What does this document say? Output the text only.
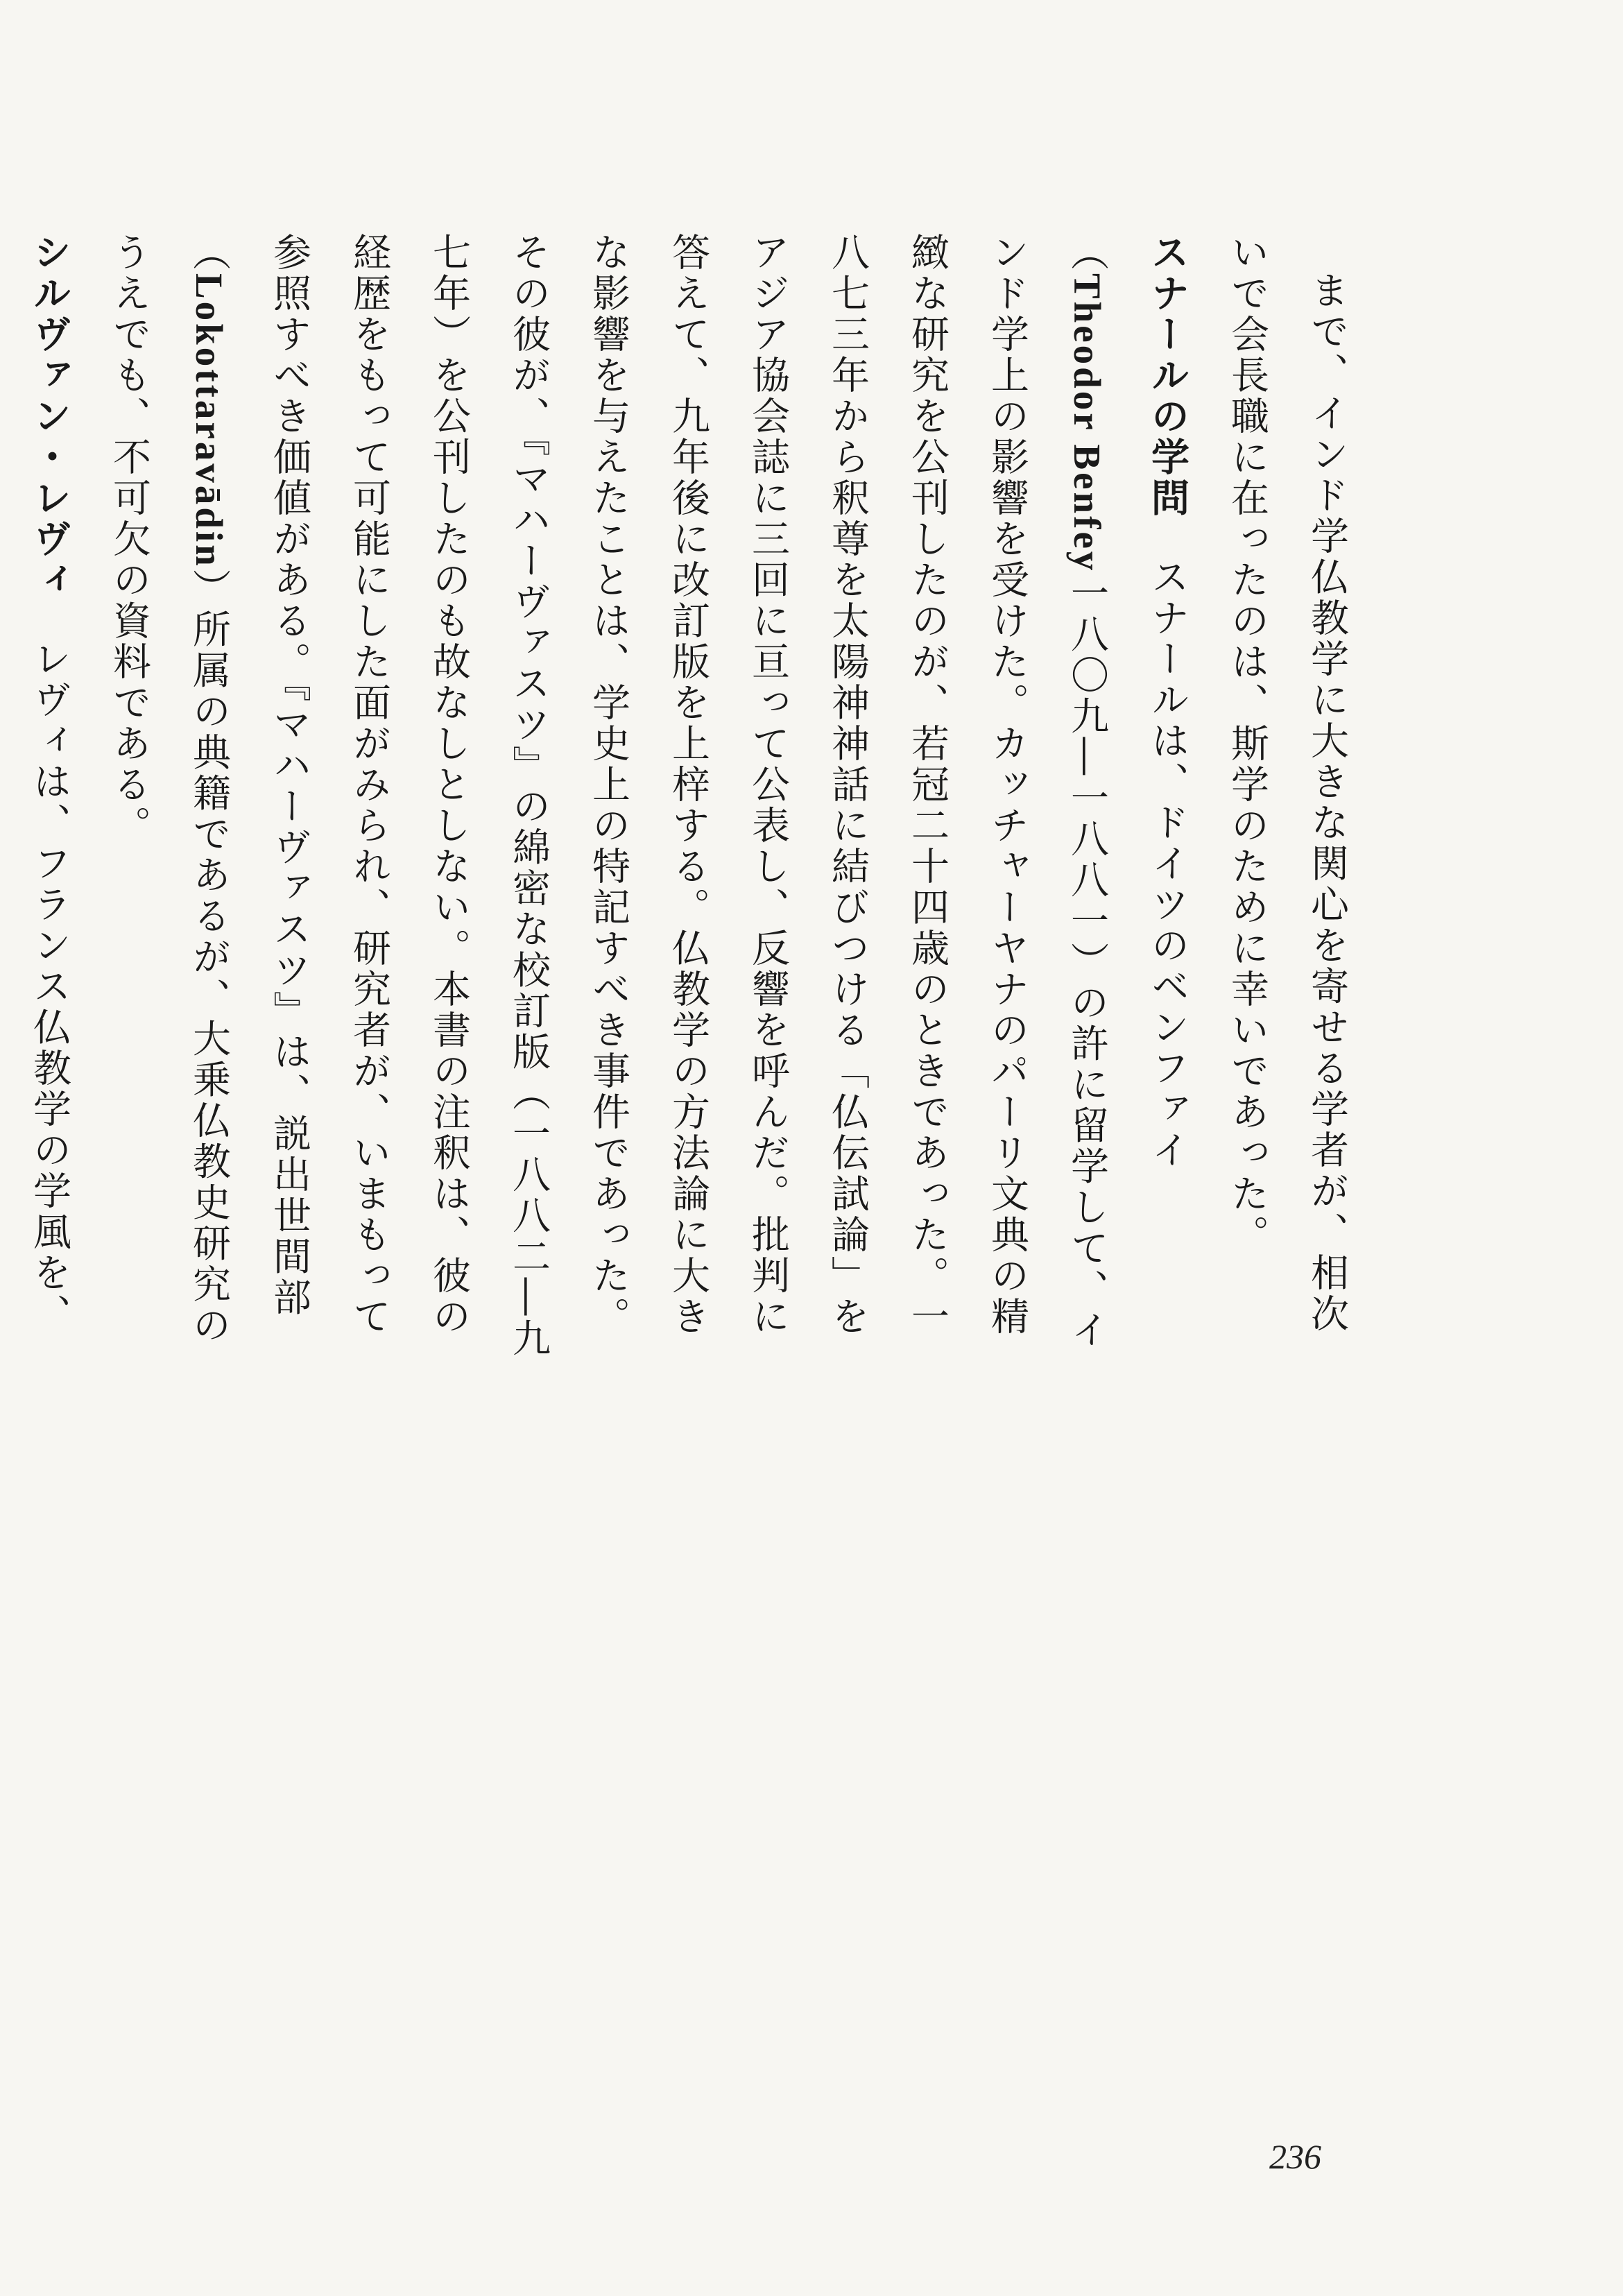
まで、インド学仏教学に大きな関心を寄せる学者が、相次いで会長職に在ったのは、斯学のために幸いであった。

スナールの学問スナールは、ドイツのベンファイ（Theodor Benfey一八〇九―一八八一）の許に留学して、インド学上の影響を受けた。カッチャーヤナのパーリ文典の精緻な研究を公刊したのが、若冠二十四歳のときであった。一八七三年から釈尊を太陽神神話に結びつける「仏伝試論」をアジア協会誌に三回に亘って公表し、反響を呼んだ。批判に答えて、九年後に改訂版を上梓する。仏教学の方法論に大きな影響を与えたことは、学史上の特記すべき事件であった。その彼が、『マハーヴァスツ』の綿密な校訂版（一八八二―九七年）を公刊したのも故なしとしない。本書の注釈は、彼の経歴をもって可能にした面がみられ、研究者が、いまもって参照すべき価値がある。『マハーヴァスツ』は、説出世間部（Lokottaravādin）所属の典籍であるが、大乗仏教史研究のうえでも、不可欠の資料である。

シルヴァン・レヴィレヴィは、フランス仏教学の学風を、

236
